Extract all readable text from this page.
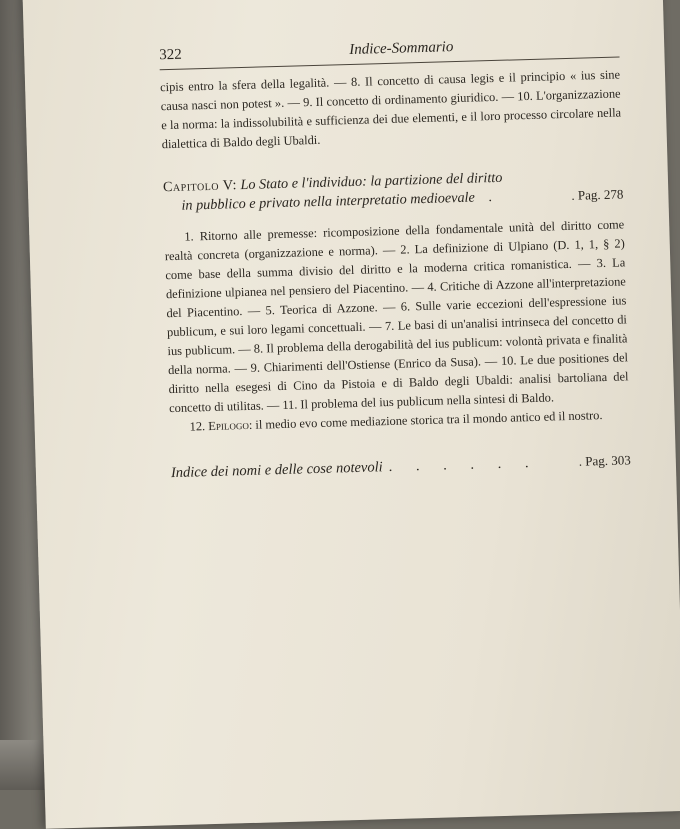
322	Indice-Sommario

cipis entro la sfera della legalità. — 8. Il concetto di causa legis e il principio « ius sine causa nasci non potest ». — 9. Il concetto di ordinamento giuridico. — 10. L'organizzazione e la norma: la indissolubilità e sufficienza dei due elementi, e il loro processo circolare nella dialettica di Baldo degli Ubaldi.

Capitolo V: Lo Stato e l'individuo: la partizione del diritto
in pubblico e privato nella interpretatio medioevale .	. Pag. 278

1. Ritorno alle premesse: ricomposizione della fondamentale unità del diritto come realtà concreta (organizzazione e norma). — 2. La definizione di Ulpiano (D. 1, 1, § 2) come base della summa divisio del diritto e la moderna critica romanistica. — 3. La definizione ulpianea nel pensiero del Piacentino. — 4. Critiche di Azzone all'interpretazione del Piacentino. — 5. Teorica di Azzone. — 6. Sulle varie eccezioni dell'espressione ius publicum, e sui loro legami concettuali. — 7. Le basi di un'analisi intrinseca del concetto di ius publicum. — 8. Il problema della derogabilità del ius publicum: volontà privata e finalità della norma. — 9. Chiarimenti dell'Ostiense (Enrico da Susa). — 10. Le due positiones del diritto nella esegesi di Cino da Pistoia e di Baldo degli Ubaldi: analisi bartoliana del concetto di utilitas. — 11. Il problema del ius publicum nella sintesi di Baldo.

12. Epilogo: il medio evo come mediazione storica tra il mondo antico ed il nostro.

Indice dei nomi e delle cose notevoli . . . . . .	. Pag. 303
